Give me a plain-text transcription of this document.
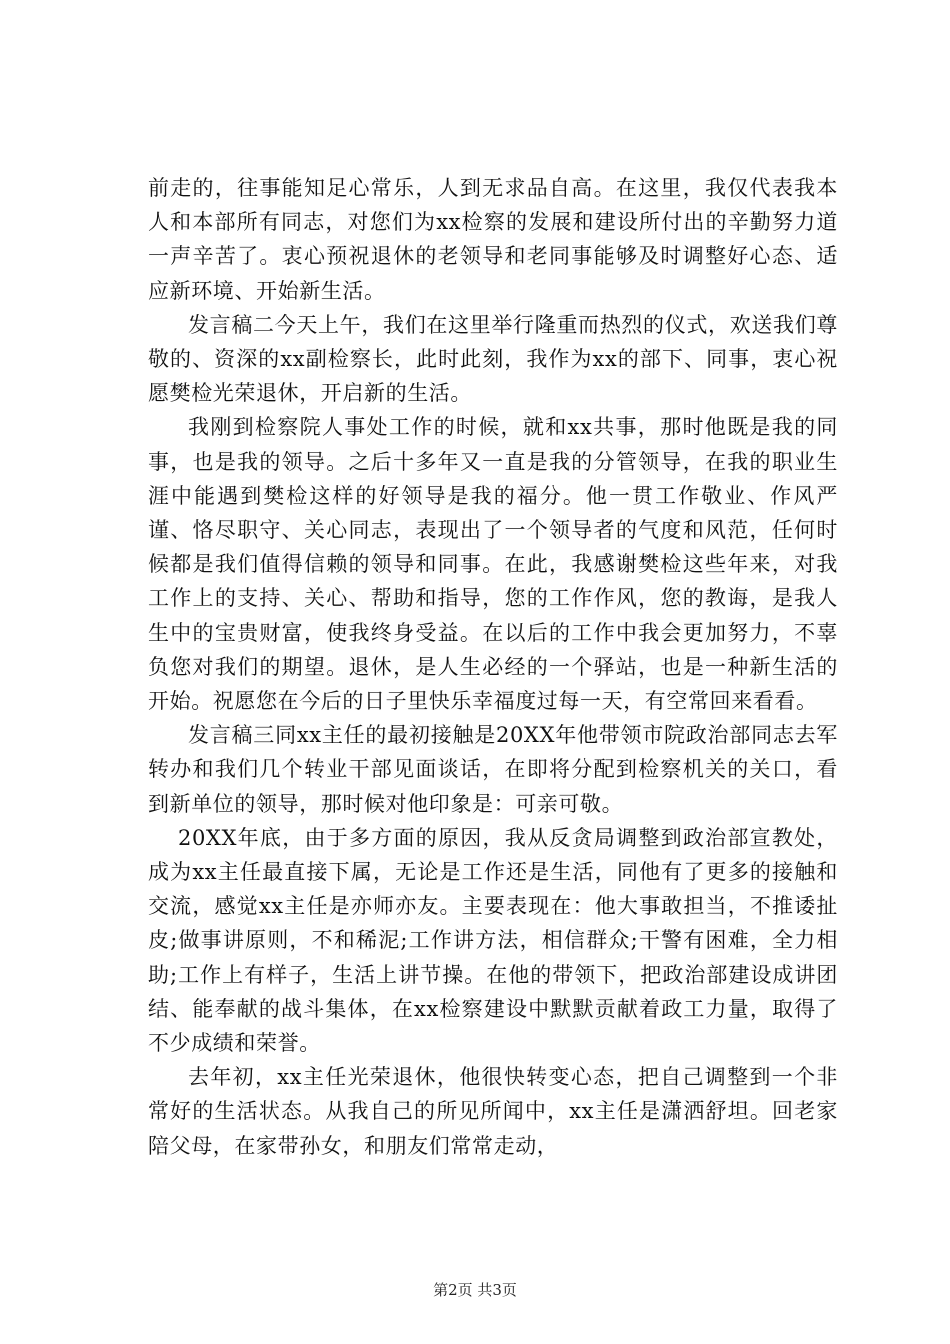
前走的，往事能知足心常乐，人到无求品自高。在这里，我仅代表我本人和本部所有同志，对您们为xx检察的发展和建设所付出的辛勤努力道一声辛苦了。衷心预祝退休的老领导和老同事能够及时调整好心态、适应新环境、开始新生活。

发言稿二今天上午，我们在这里举行隆重而热烈的仪式，欢送我们尊敬的、资深的xx副检察长，此时此刻，我作为xx的部下、同事，衷心祝愿樊检光荣退休，开启新的生活。

我刚到检察院人事处工作的时候，就和xx共事，那时他既是我的同事，也是我的领导。之后十多年又一直是我的分管领导，在我的职业生涯中能遇到樊检这样的好领导是我的福分。他一贯工作敬业、作风严谨、恪尽职守、关心同志，表现出了一个领导者的气度和风范，任何时候都是我们值得信赖的领导和同事。在此，我感谢樊检这些年来，对我工作上的支持、关心、帮助和指导，您的工作作风，您的教诲，是我人生中的宝贵财富，使我终身受益。在以后的工作中我会更加努力，不辜负您对我们的期望。退休，是人生必经的一个驿站，也是一种新生活的开始。祝愿您在今后的日子里快乐幸福度过每一天，有空常回来看看。

发言稿三同xx主任的最初接触是20XX年他带领市院政治部同志去军转办和我们几个转业干部见面谈话，在即将分配到检察机关的关口，看到新单位的领导，那时候对他印象是：可亲可敬。

20XX年底，由于多方面的原因，我从反贪局调整到政治部宣教处，成为xx主任最直接下属，无论是工作还是生活，同他有了更多的接触和交流，感觉xx主任是亦师亦友。主要表现在：他大事敢担当，不推诿扯皮;做事讲原则，不和稀泥;工作讲方法，相信群众;干警有困难，全力相助;工作上有样子，生活上讲节操。在他的带领下，把政治部建设成讲团结、能奉献的战斗集体，在xx检察建设中默默贡献着政工力量，取得了不少成绩和荣誉。

去年初，xx主任光荣退休，他很快转变心态，把自己调整到一个非常好的生活状态。从我自己的所见所闻中，xx主任是潇洒舒坦。回老家陪父母，在家带孙女，和朋友们常常走动，

第2页 共3页
